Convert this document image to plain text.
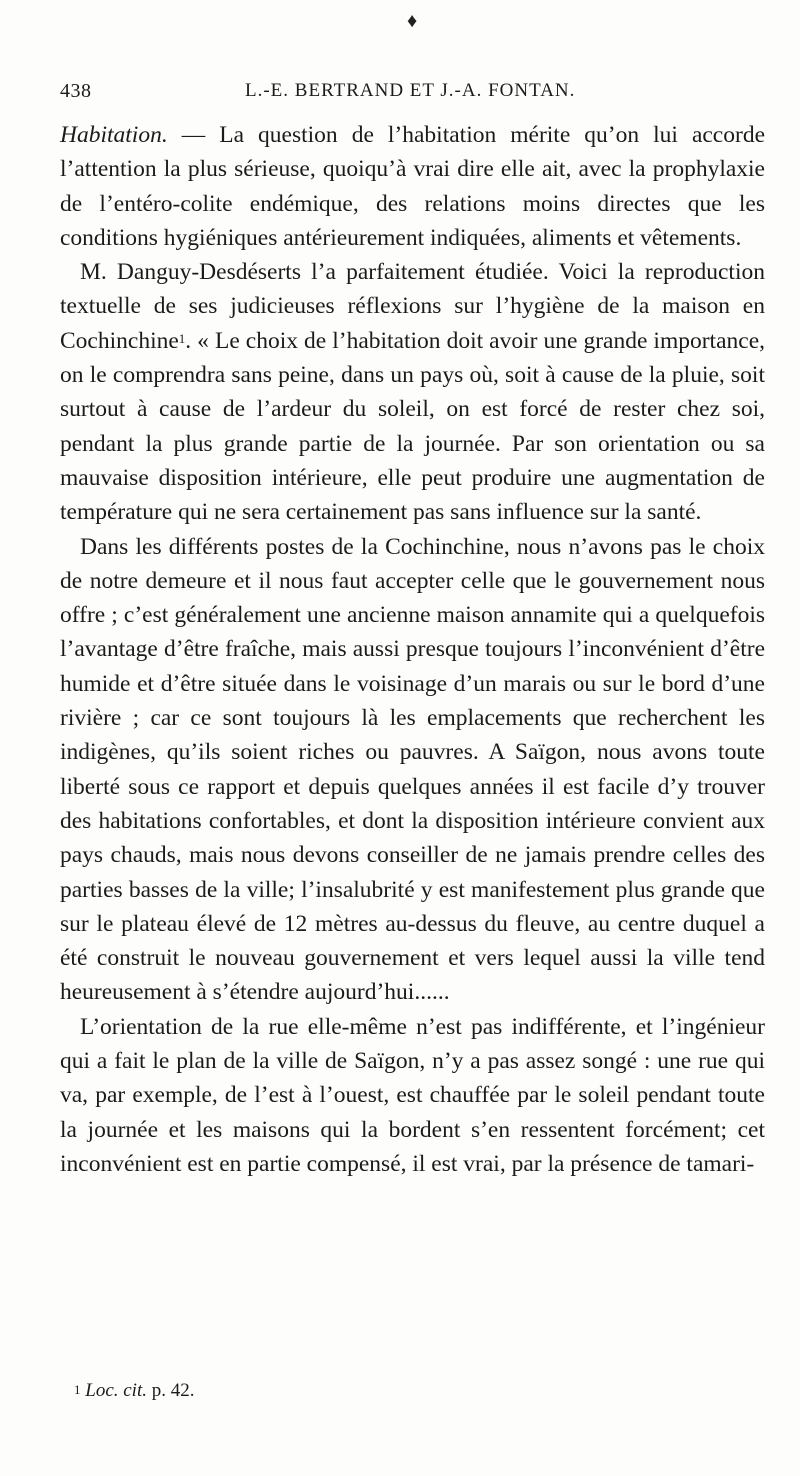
♦
438	L.-E. BERTRAND ET J.-A. FONTAN.

Habitation. — La question de l’habitation mérite qu’on lui accorde l’attention la plus sérieuse, quoiqu’à vrai dire elle ait, avec la prophylaxie de l’entéro-colite endémique, des relations moins directes que les conditions hygiéniques antérieurement indiquées, aliments et vêtements.

M. Danguy-Desdéserts l’a parfaitement étudiée. Voici la reproduction textuelle de ses judicieuses réflexions sur l’hygiène de la maison en Cochinchine$^1$. « Le choix de l’habitation doit avoir une grande importance, on le comprendra sans peine, dans un pays où, soit à cause de la pluie, soit surtout à cause de l’ardeur du soleil, on est forcé de rester chez soi, pendant la plus grande partie de la journée. Par son orientation ou sa mauvaise disposition intérieure, elle peut produire une augmentation de température qui ne sera certainement pas sans influence sur la santé.

Dans les différents postes de la Cochinchine, nous n’avons pas le choix de notre demeure et il nous faut accepter celle que le gouvernement nous offre ; c’est généralement une ancienne maison annamite qui a quelquefois l’avantage d’être fraîche, mais aussi presque toujours l’inconvénient d’être humide et d’être située dans le voisinage d’un marais ou sur le bord d’une rivière ; car ce sont toujours là les emplacements que recherchent les indigènes, qu’ils soient riches ou pauvres. A Saïgon, nous avons toute liberté sous ce rapport et depuis quelques années il est facile d’y trouver des habitations confortables, et dont la disposition intérieure convient aux pays chauds, mais nous devons conseiller de ne jamais prendre celles des parties basses de la ville; l’insalubrité y est manifestement plus grande que sur le plateau élevé de 12 mètres au-dessus du fleuve, au centre duquel a été construit le nouveau gouvernement et vers lequel aussi la ville tend heureusement à s’étendre aujourd’hui......

L’orientation de la rue elle-même n’est pas indifférente, et l’ingénieur qui a fait le plan de la ville de Saïgon, n’y a pas assez songé : une rue qui va, par exemple, de l’est à l’ouest, est chauffée par le soleil pendant toute la journée et les maisons qui la bordent s’en ressentent forcément; cet inconvénient est en partie compensé, il est vrai, par la présence de tamari-

$^1$ Loc. cit. p. 42.
